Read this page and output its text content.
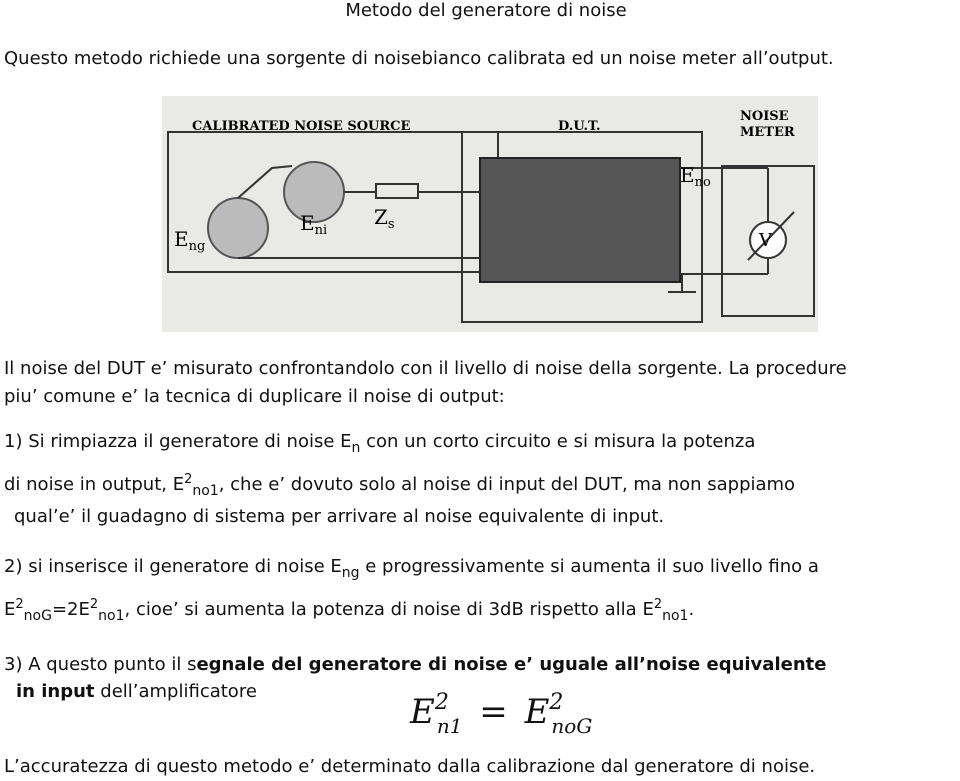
Metodo del generatore di noise
Questo metodo richiede una sorgente di noisebianco calibrata ed un noise meter all’output.
CALIBRATED NOISE SOURCE	D.U.T.
NOISE
METER
V
$E_{ng}$
$E_{ni}$
$Z_s$
$E_{no}$
Il noise del DUT e’ misurato confrontandolo con il livello di noise della sorgente. La procedure
piu’ comune e’ la tecnica di duplicare il noise di output:
1) Si rimpiazza il generatore di noise $E_n$ con un corto circuito e si misura la potenza
di noise in output, $E^2_{no1}$, che e’ dovuto solo al noise di input del DUT, ma non sappiamo
qual’e’ il guadagno di sistema per arrivare al noise equivalente di input.
2) si inserisce il generatore di noise $E_{ng}$ e progressivamente si aumenta il suo livello fino a
$E^2_{noG}=2E^2_{no1}$, cioe’ si aumenta la potenza di noise di 3dB rispetto alla $E^2_{no1}$.
3) A questo punto il segnale del generatore di noise e’ uguale all’noise equivalente
in input dell’amplificatore
$E^2_{n1} = E^2_{noG}$
L’accuratezza di questo metodo e’ determinato dalla calibrazione dal generatore di noise.
